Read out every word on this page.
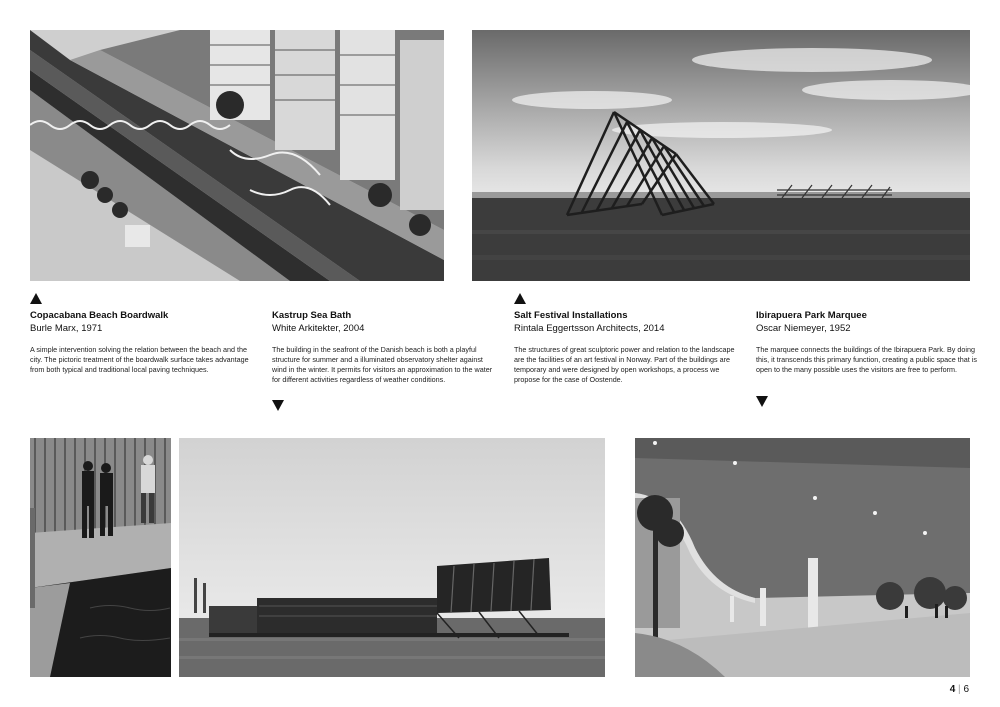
Copacabana Beach Boardwalk
Burle Marx, 1971
A simple intervention solving the relation between the beach and the city. The pictoric treatment of the boardwalk surface takes advantage from both typical and traditional local paving techniques.
Kastrup Sea Bath
White Arkitekter, 2004
The building in the seafront of the Danish beach is both a playful structure for summer and a illuminated observatory shelter against wind in the winter. It permits for visitors an approximation to the water for different activities regardless of weather conditions.
Salt Festival Installations
Rintala Eggertsson Architects, 2014
The structures of great sculptoric power and relation to the landscape are the facilities of an art festival in Norway. Part of the buildings are temporary and were designed by open workshops, a process we propose for the case of Oostende.
Ibirapuera Park Marquee
Oscar Niemeyer, 1952
The marquee connects the buildings of the Ibirapuera Park. By doing this, it transcends this primary function, creating a public space that is open to the many possible uses the visitors are free to perform.
4 | 6
